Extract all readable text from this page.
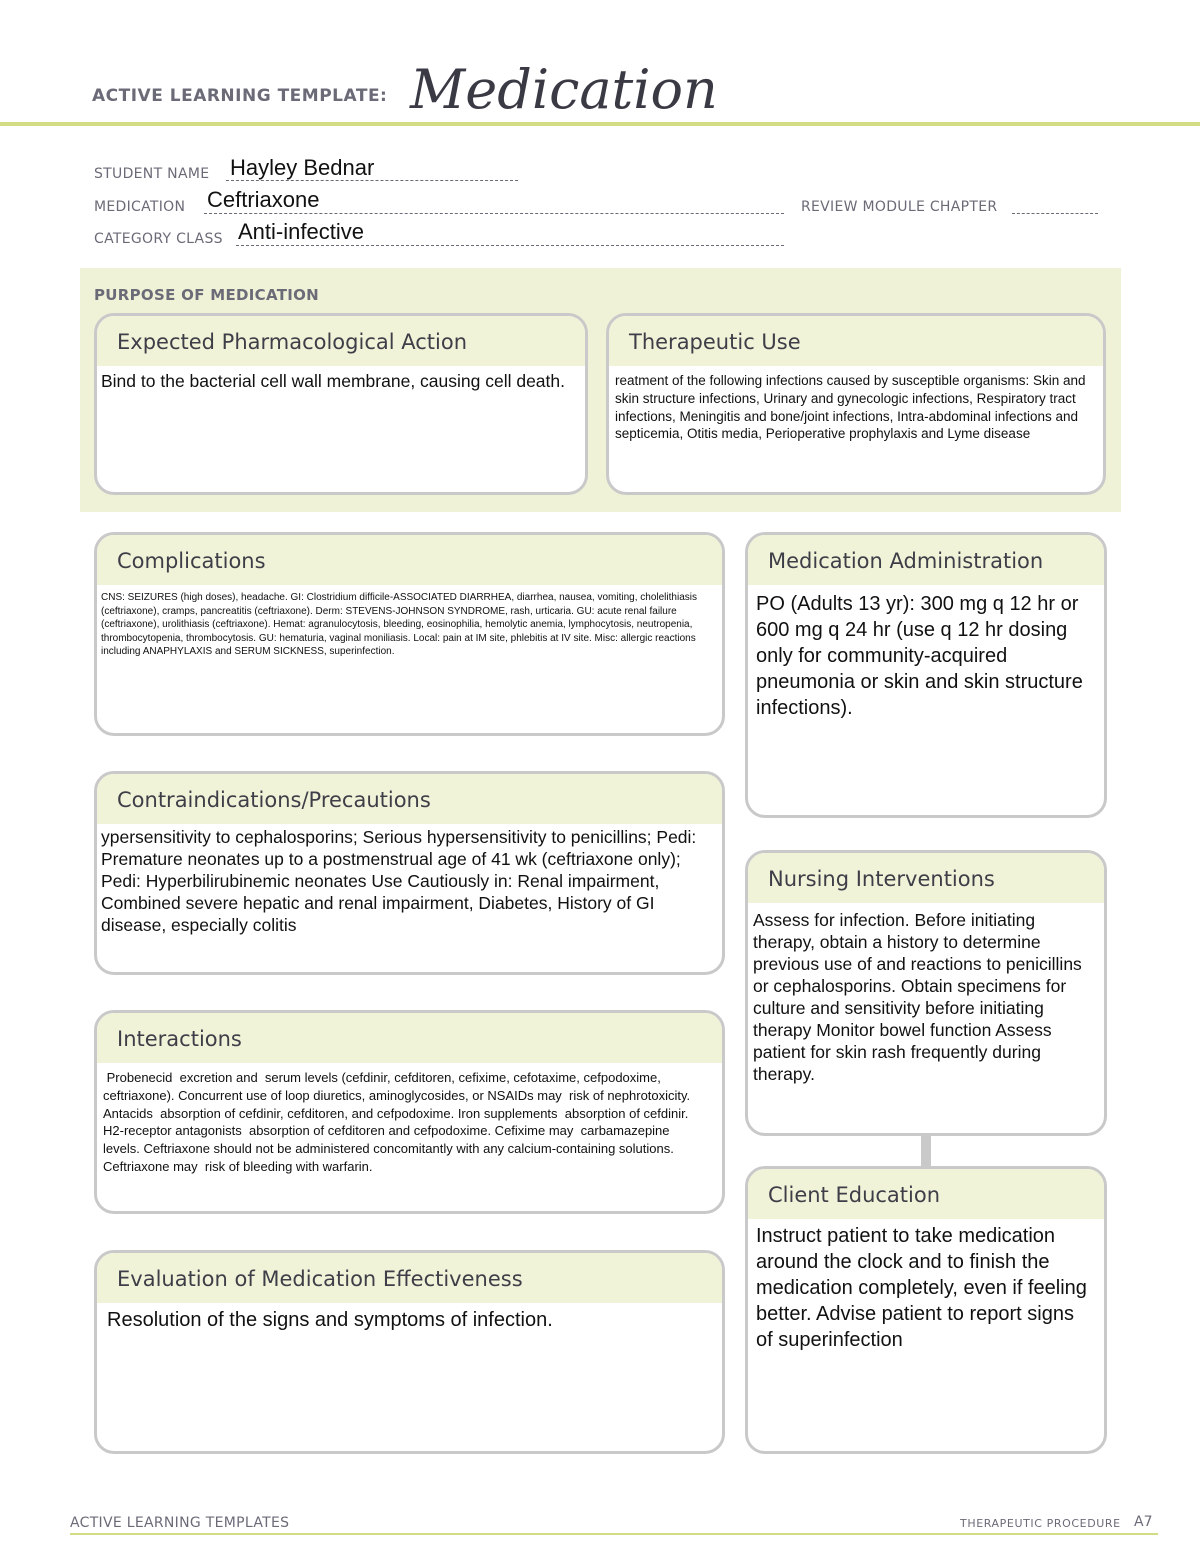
ACTIVE LEARNING TEMPLATE: Medication
STUDENT NAME Hayley Bednar
MEDICATION Ceftriaxone	REVIEW MODULE CHAPTER
CATEGORY CLASS Anti-infective
PURPOSE OF MEDICATION
Expected Pharmacological Action
Bind to the bacterial cell wall membrane, causing cell death.
Therapeutic Use
reatment of the following infections caused by susceptible organisms: Skin and skin structure infections, Urinary and gynecologic infections, Respiratory tract infections, Meningitis and bone/joint infections, Intra-abdominal infections and septicemia, Otitis media, Perioperative prophylaxis and Lyme disease
Complications
CNS: SEIZURES (high doses), headache. GI: Clostridium difficile-ASSOCIATED DIARRHEA, diarrhea, nausea, vomiting, cholelithiasis (ceftriaxone), cramps, pancreatitis (ceftriaxone). Derm: STEVENS-JOHNSON SYNDROME, rash, urticaria. GU: acute renal failure (ceftriaxone), urolithiasis (ceftriaxone). Hemat: agranulocytosis, bleeding, eosinophilia, hemolytic anemia, lymphocytosis, neutropenia, thrombocytopenia, thrombocytosis. GU: hematuria, vaginal moniliasis. Local: pain at IM site, phlebitis at IV site. Misc: allergic reactions including ANAPHYLAXIS and SERUM SICKNESS, superinfection.
Medication Administration
PO (Adults 13 yr): 300 mg q 12 hr or 600 mg q 24 hr (use q 12 hr dosing only for community-acquired pneumonia or skin and skin structure infections).
Contraindications/Precautions
ypersensitivity to cephalosporins; Serious hypersensitivity to penicillins; Pedi: Premature neonates up to a postmenstrual age of 41 wk (ceftriaxone only); Pedi: Hyperbilirubinemic neonates Use Cautiously in: Renal impairment, Combined severe hepatic and renal impairment, Diabetes, History of GI disease, especially colitis
Nursing Interventions
Assess for infection. Before initiating therapy, obtain a history to determine previous use of and reactions to penicillins or cephalosporins. Obtain specimens for culture and sensitivity before initiating therapy Monitor bowel function Assess patient for skin rash frequently during therapy.
Interactions
Probenecid  excretion and  serum levels (cefdinir, cefditoren, cefixime, cefotaxime, cefpodoxime, ceftriaxone). Concurrent use of loop diuretics, aminoglycosides, or NSAIDs may  risk of nephrotoxicity. Antacids  absorption of cefdinir, cefditoren, and cefpodoxime. Iron supplements  absorption of cefdinir. H2-receptor antagonists  absorption of cefditoren and cefpodoxime. Cefixime may  carbamazepine levels. Ceftriaxone should not be administered concomitantly with any calcium-containing solutions. Ceftriaxone may  risk of bleeding with warfarin.
Client Education
Instruct patient to take medication around the clock and to finish the medication completely, even if feeling better. Advise patient to report signs of superinfection
Evaluation of Medication Effectiveness
Resolution of the signs and symptoms of infection.
ACTIVE LEARNING TEMPLATES	THERAPEUTIC PROCEDURE A7
